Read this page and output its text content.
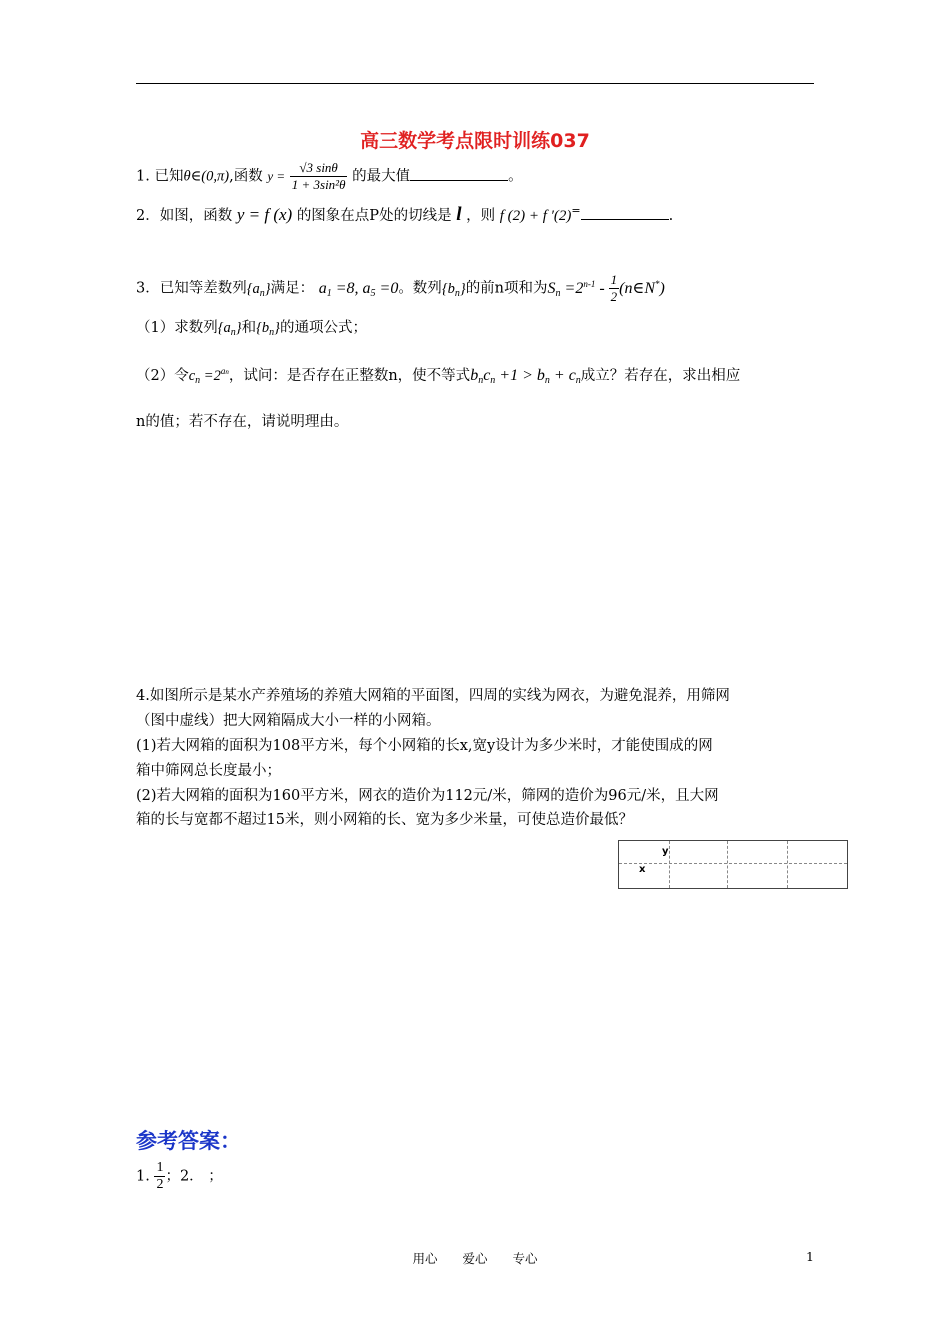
高三数学考点限时训练037
1. 已知θ∈(0,π),函数 $y = \frac{√3 \sin\theta}{\text{1 + 3sin²θ}}$ 的最大值	。
2．如图，函数 y = f (x) 的图象在点P处的切线是 l ，则 f (2) + f ′(2)=	.
3．已知等差数列$\{a_n\}$满足： $a_1 =8$, $a_5 =0$。数列$\{b_n\}$的前n项和为$S_n =2^{n-1} - \frac{1}{2}$ (n∈N*)
（1）求数列$\{a_n\}$和$\{b_n\}$的通项公式；
（2）令$c_n =2^{an}$，试问：是否存在正整数n，使不等式$b_nc_n +1 > b_n + c_n$成立？若存在，求出相应
n的值；若不存在，请说明理由。
4.如图所示是某水产养殖场的养殖大网箱的平面图，四周的实线为网衣，为避免混养，用筛网
（图中虚线）把大网箱隔成大小一样的小网箱。
(1)若大网箱的面积为108平方米，每个小网箱的长x,宽y设计为多少米时，才能使围成的网
箱中筛网总长度最小；
(2)若大网箱的面积为160平方米，网衣的造价为112元/米，筛网的造价为96元/米，且大网
箱的长与宽都不超过15米，则小网箱的长、宽为多少米量，可使总造价最低？
y
x
参考答案：
1. $\frac{1}{2}$ ；2． ；
用心　　爱心　　专心	1
